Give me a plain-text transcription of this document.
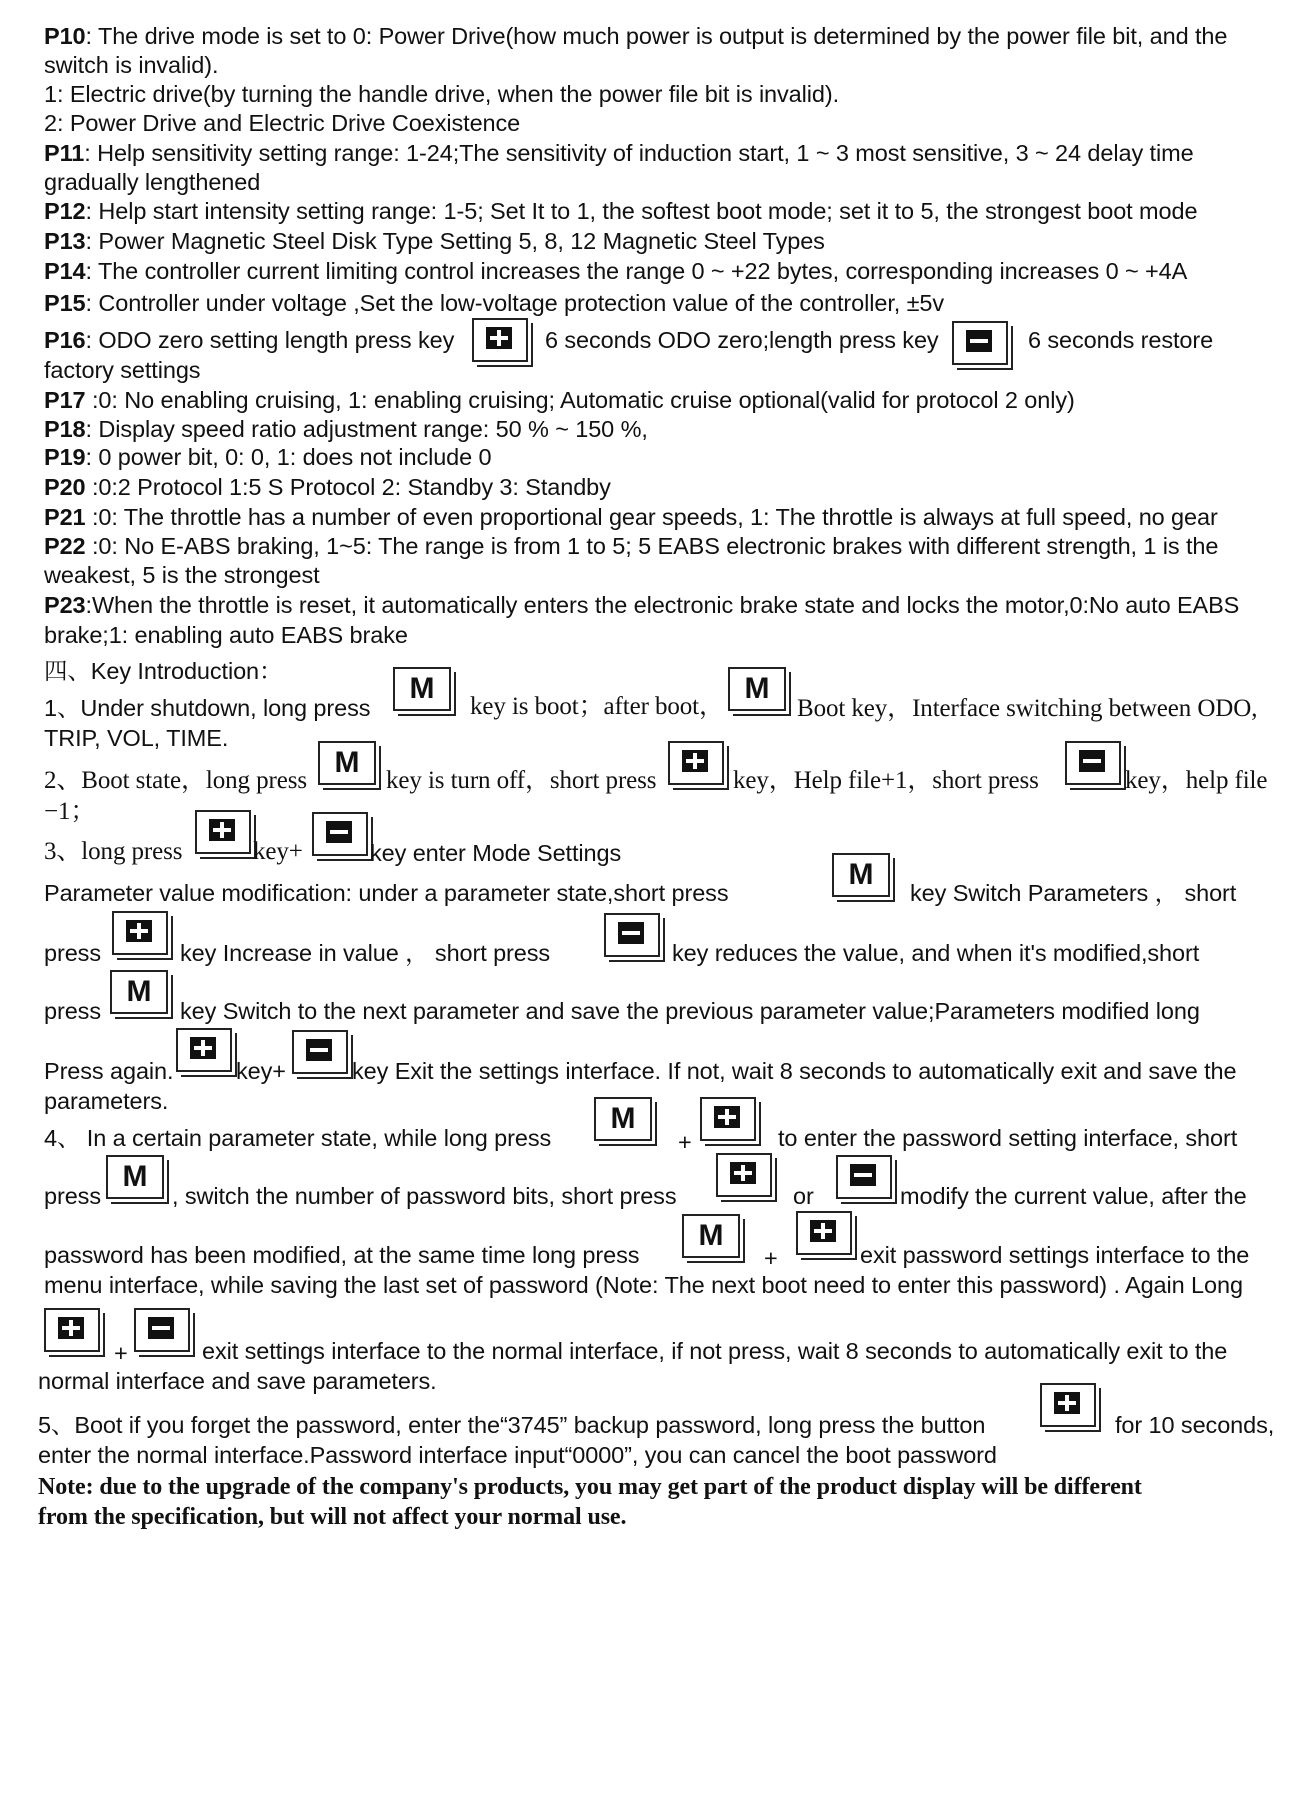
P10: The drive mode is set to 0: Power Drive(how much power is output is determined by the power file bit, and the
switch is invalid).
1: Electric drive(by turning the handle drive, when the power file bit is invalid).
2: Power Drive and Electric Drive Coexistence
P11: Help sensitivity setting range: 1-24;The sensitivity of induction start, 1 ~ 3 most sensitive, 3 ~ 24 delay time
gradually lengthened
P12: Help start intensity setting range: 1-5; Set It to 1, the softest boot mode; set it to 5, the strongest boot mode
P13: Power Magnetic Steel Disk Type Setting 5, 8, 12 Magnetic Steel Types
P14: The controller current limiting control increases the range 0 ~ +22 bytes, corresponding increases 0 ~ +4A
P15: Controller under voltage ,Set the low-voltage protection value of the controller, ±5v
P16: ODO zero setting length press key	6 seconds ODO zero;length press key	6 seconds restore
factory settings
P17 :0: No enabling cruising, 1: enabling cruising; Automatic cruise optional(valid for protocol 2 only)
P18: Display speed ratio adjustment range: 50 % ~ 150 %,
P19: 0 power bit, 0: 0, 1: does not include 0
P20 :0:2 Protocol 1:5 S Protocol 2: Standby 3: Standby
P21 :0: The throttle has a number of even proportional gear speeds, 1: The throttle is always at full speed, no gear
P22 :0: No E-ABS braking, 1~5: The range is from 1 to 5; 5 EABS electronic brakes with different strength, 1 is the
weakest, 5 is the strongest
P23:When the throttle is reset, it automatically enters the electronic brake state and locks the motor,0:No auto EABS
brake;1: enabling auto EABS brake
四、Key Introduction：
1、Under shutdown, long press
M
key is boot；after boot，
M
Boot key，Interface switching between ODO,
TRIP, VOL, TIME.
2、Boot state，long press
M
key is turn off，short press	key，Help file+1，short press	key，help file
−1；
3、long press	key+	key enter Mode Settings
Parameter value modification: under a parameter state,short press
M
key Switch Parameters ， short
press	key Increase in value ， short press	key reduces the value, and when it's modified,short
press
M
key Switch to the next parameter and save the previous parameter value;Parameters modified long
Press again.	key+	key Exit the settings interface. If not, wait 8 seconds to automatically exit and save the
parameters.
4、 In a certain parameter state, while long press
M
+	to enter the password setting interface, short
press
M
, switch the number of password bits, short press	or	modify the current value, after the
password has been modified, at the same time long press
M
+	exit password settings interface to the
menu interface, while saving the last set of password (Note: The next boot need to enter this password) . Again Long
+	exit settings interface to the normal interface, if not press, wait 8 seconds to automatically exit to the
normal interface and save parameters.
5、Boot if you forget the password, enter the“3745” backup password, long press the button	for 10 seconds,
enter the normal interface.Password interface input“0000”, you can cancel the boot password
Note: due to the upgrade of the company's products, you may get part of the product display will be different
from the specification, but will not affect your normal use.
